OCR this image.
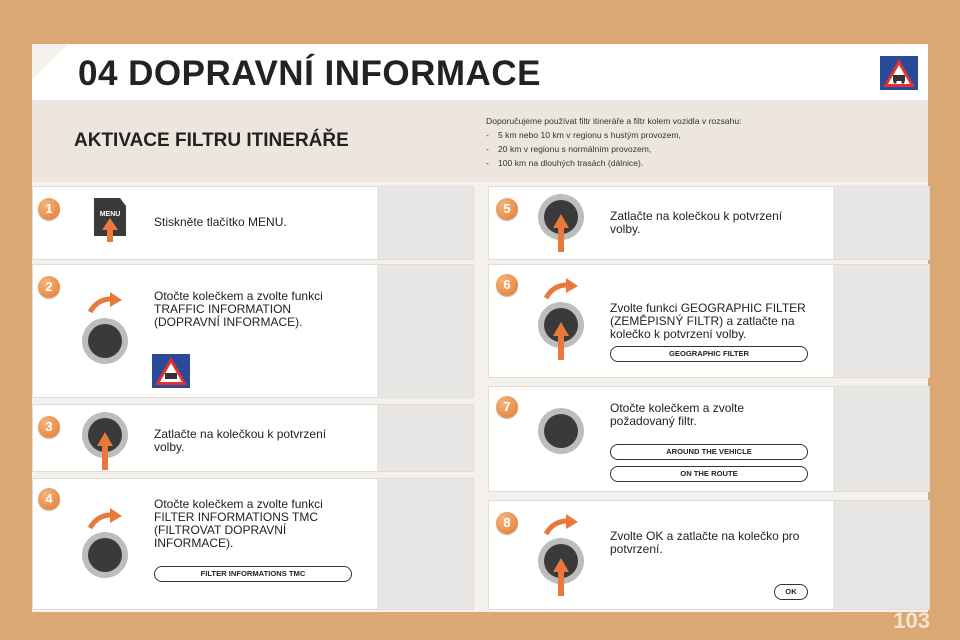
04 DOPRAVNÍ INFORMACE
AKTIVACE FILTRU ITINERÁŘE
Doporučujeme používat filtr itineráře a filtr kolem vozidla v rozsahu:
- 5 km nebo 10 km v regionu s hustým provozem,
- 20 km v regionu s normálním provozem,
- 100 km na dlouhých trasách (dálnice).
1	MENU
Stiskněte tlačítko MENU.
2
Otočte kolečkem a zvolte funkci TRAFFIC INFORMATION (DOPRAVNÍ INFORMACE).
3	Zatlačte na kolečkou k potvrzení volby.
4	Otočte kolečkem a zvolte funkci FILTER INFORMATIONS TMC (FILTROVAT DOPRAVNÍ INFORMACE).
FILTER INFORMATIONS TMC
5	Zatlačte na kolečkou k potvrzení volby.
6
Zvolte funkci GEOGRAPHIC FILTER (ZEMĚPISNÝ FILTR) a zatlačte na kolečko k potvrzení volby.
GEOGRAPHIC FILTER
7	Otočte kolečkem a zvolte požadovaný filtr.
AROUND THE VEHICLE
ON THE ROUTE
8
Zvolte OK a zatlačte na kolečko pro potvrzení.
OK
103
